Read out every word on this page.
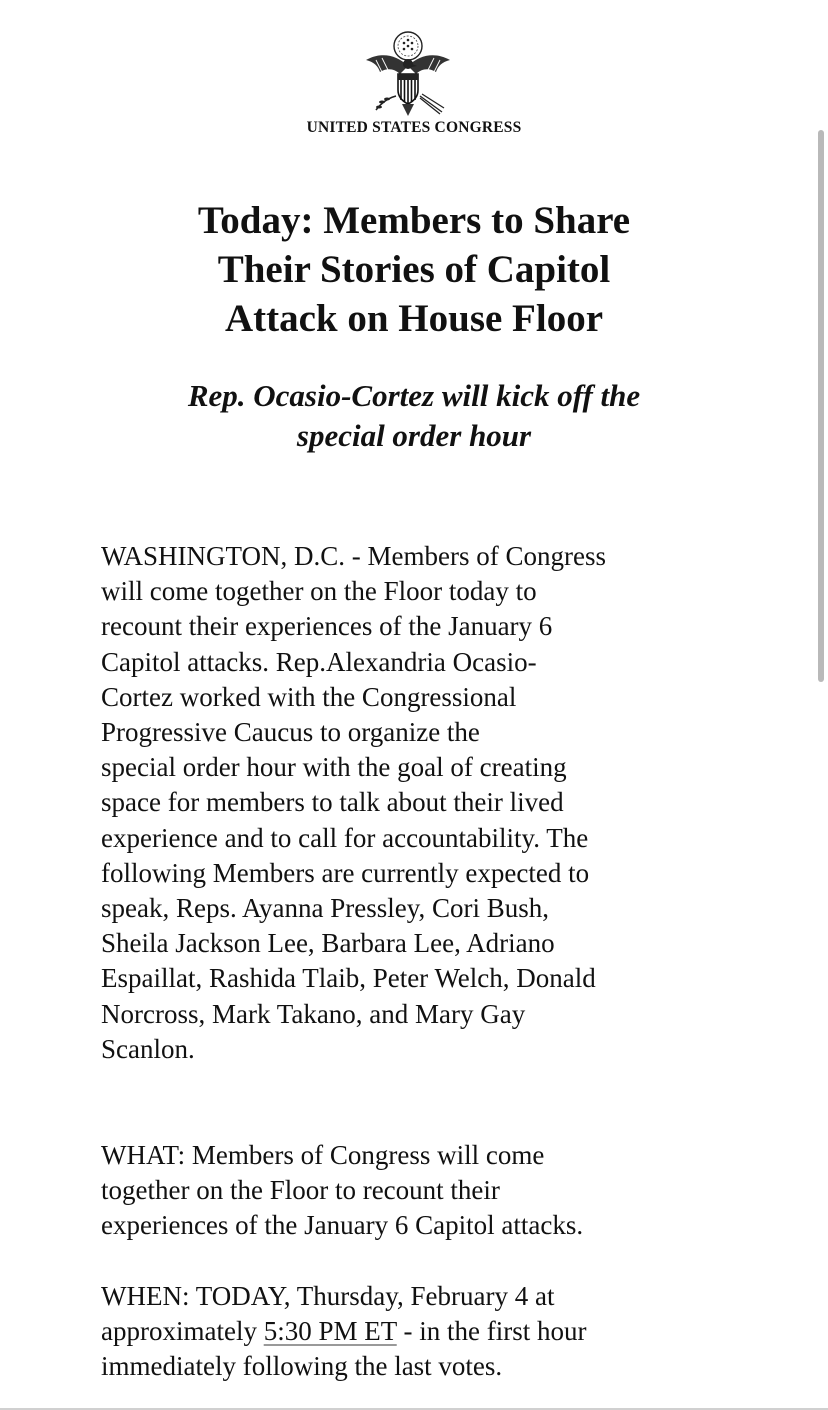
UNITED STATES CONGRESS
Today: Members to Share
Their Stories of Capitol
Attack on House Floor
Rep. Ocasio-Cortez will kick off the
special order hour

WASHINGTON, D.C. - Members of Congress
will come together on the Floor today to
recount their experiences of the January 6
Capitol attacks. Rep.Alexandria Ocasio-
Cortez worked with the Congressional
Progressive Caucus to organize the
special order hour with the goal of creating
space for members to talk about their lived
experience and to call for accountability. The
following Members are currently expected to
speak, Reps. Ayanna Pressley, Cori Bush,
Sheila Jackson Lee, Barbara Lee, Adriano
Espaillat, Rashida Tlaib, Peter Welch, Donald
Norcross, Mark Takano, and Mary Gay
Scanlon.

WHAT: Members of Congress will come
together on the Floor to recount their
experiences of the January 6 Capitol attacks.

WHEN: TODAY, Thursday, February 4 at
approximately 5:30 PM ET - in the first hour
immediately following the last votes.
